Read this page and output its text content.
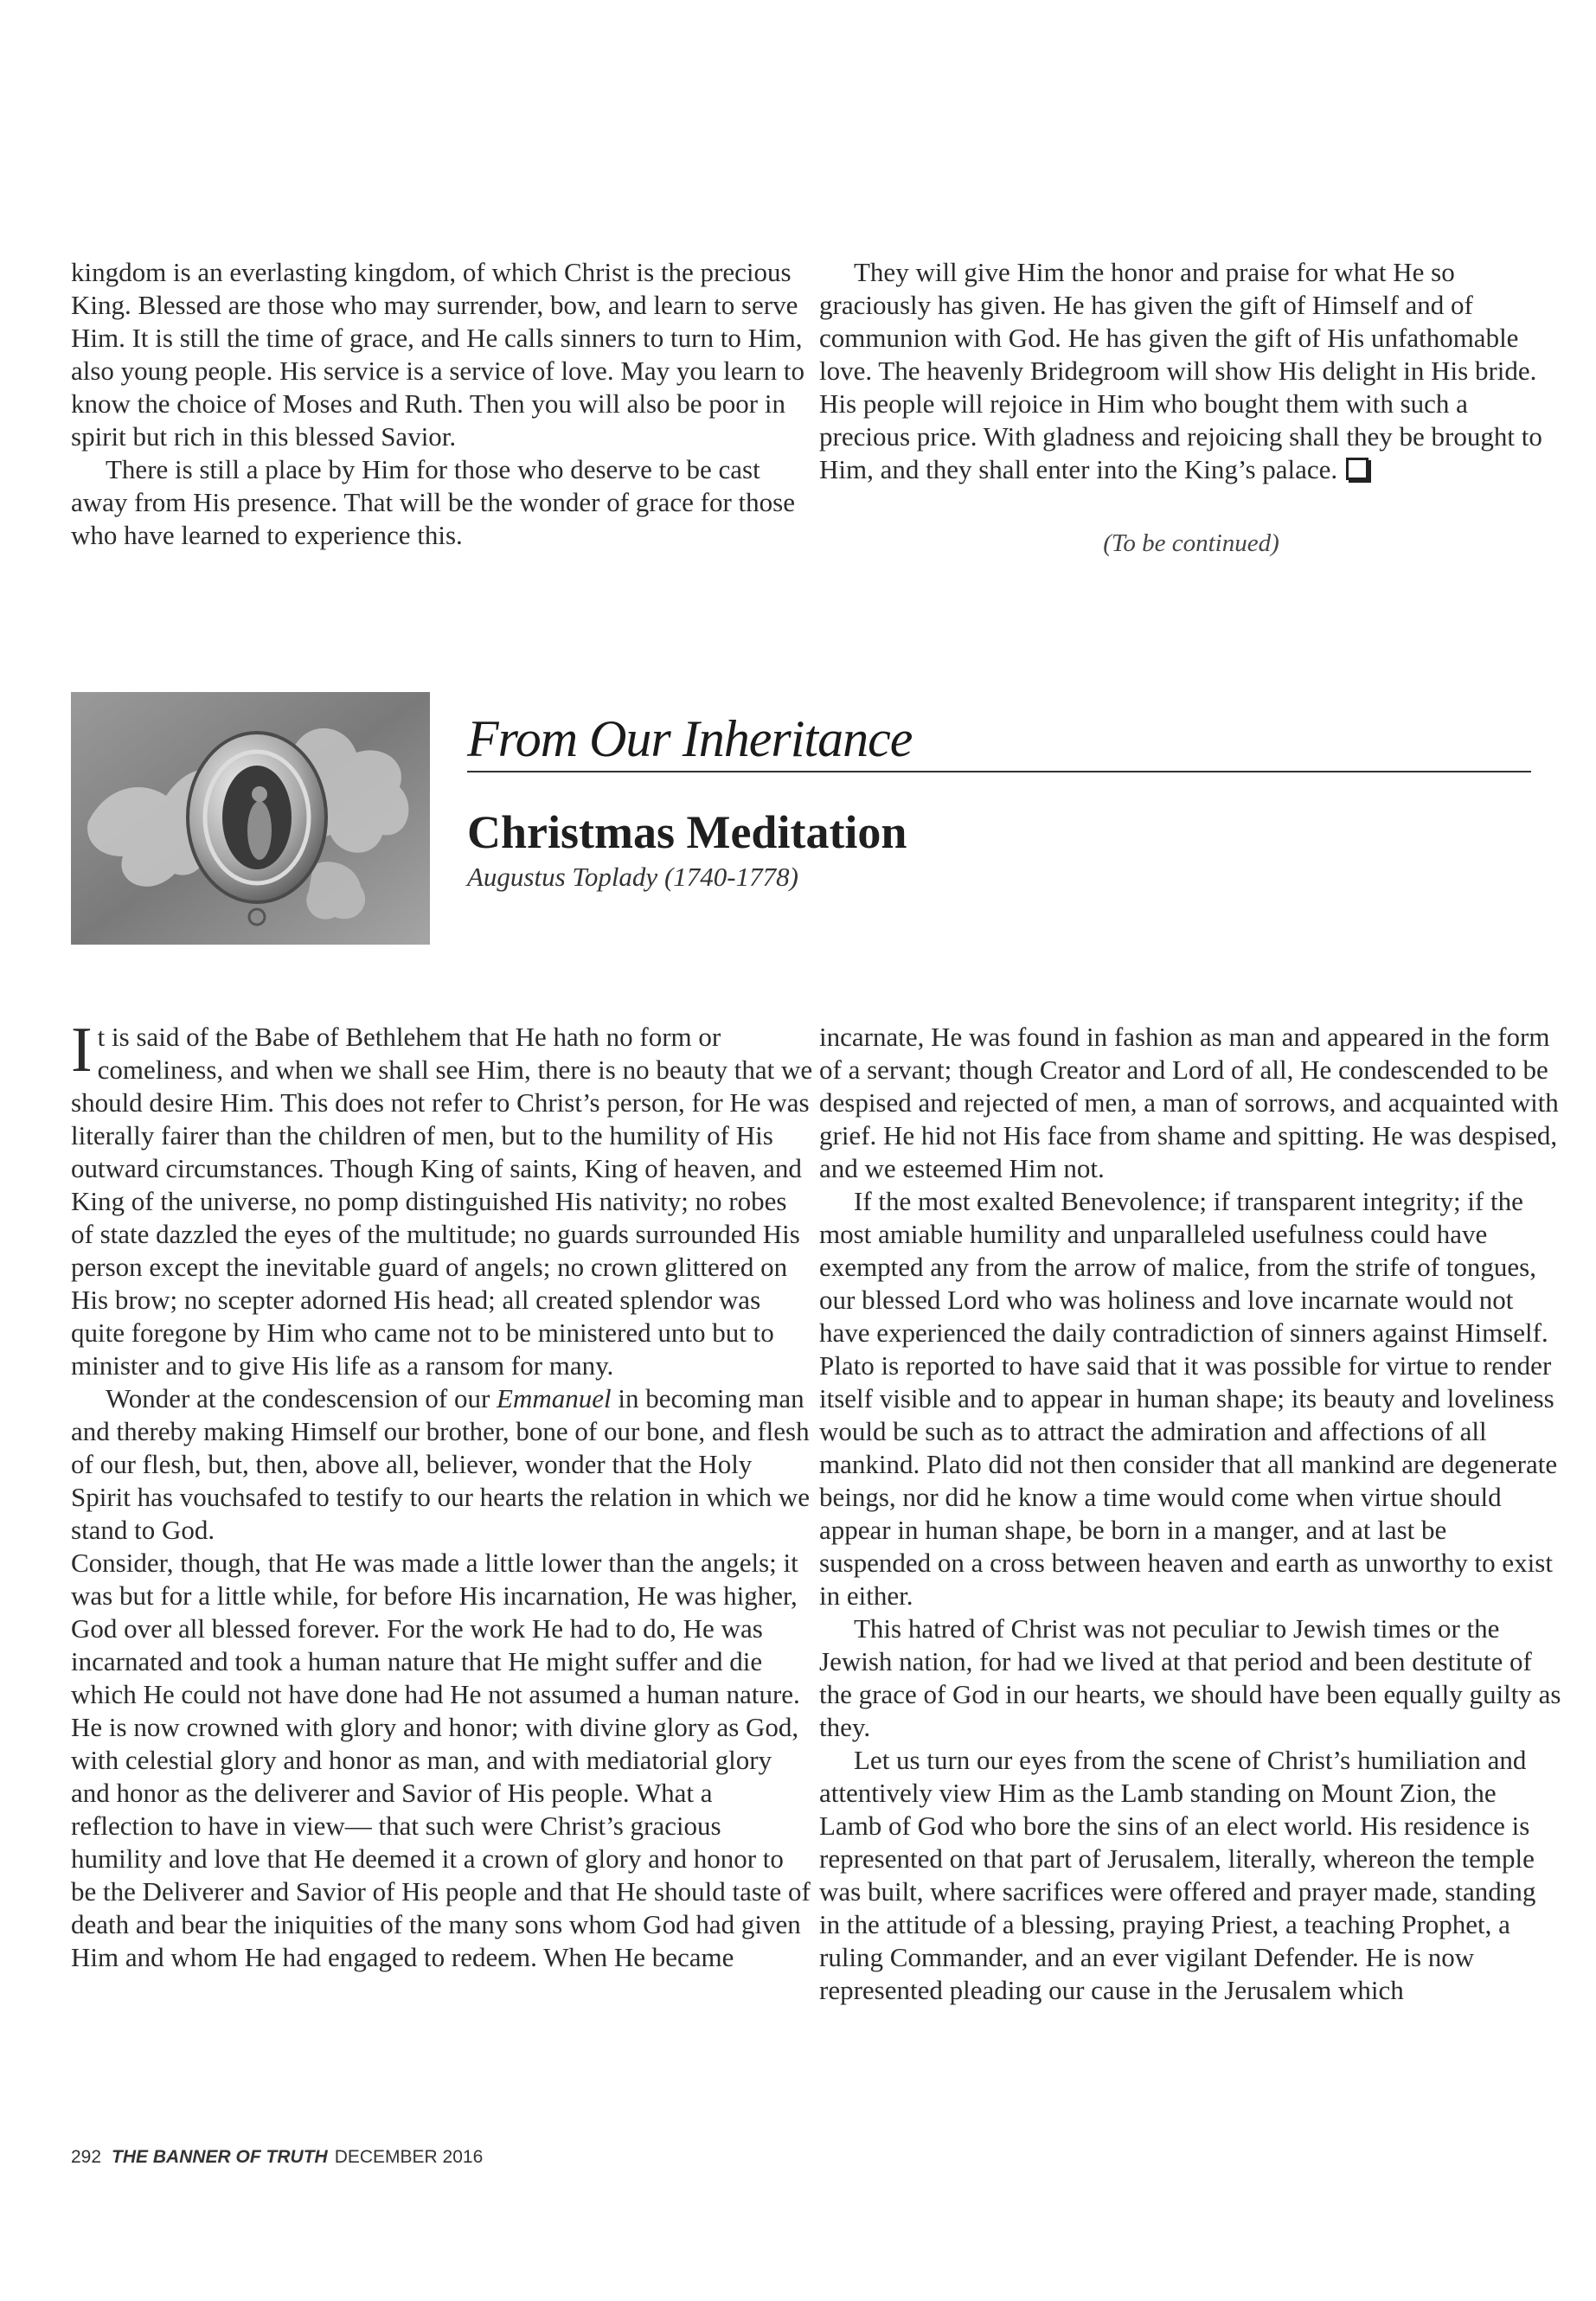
kingdom is an everlasting kingdom, of which Christ is the precious King. Blessed are those who may surrender, bow, and learn to serve Him. It is still the time of grace, and He calls sinners to turn to Him, also young people. His service is a service of love. May you learn to know the choice of Moses and Ruth. Then you will also be poor in spirit but rich in this blessed Savior.

There is still a place by Him for those who deserve to be cast away from His presence. That will be the wonder of grace for those who have learned to experience this.

They will give Him the honor and praise for what He so graciously has given. He has given the gift of Himself and of communion with God. He has given the gift of His unfathomable love. The heavenly Bridegroom will show His delight in His bride. His people will rejoice in Him who bought them with such a precious price. With gladness and rejoicing shall they be brought to Him, and they shall enter into the King’s palace.

(To be continued)
From Our Inheritance
Christmas Meditation
Augustus Toplady (1740-1778)

It is said of the Babe of Bethlehem that He hath no form or comeliness, and when we shall see Him, there is no beauty that we should desire Him. This does not refer to Christ’s person, for He was literally fairer than the children of men, but to the humility of His outward circumstances. Though King of saints, King of heaven, and King of the universe, no pomp distinguished His nativity; no robes of state dazzled the eyes of the multitude; no guards surrounded His person except the inevitable guard of angels; no crown glittered on His brow; no scepter adorned His head; all created splendor was quite foregone by Him who came not to be ministered unto but to minister and to give His life as a ransom for many.

Wonder at the condescension of our Emmanuel in becoming man and thereby making Himself our brother, bone of our bone, and flesh of our flesh, but, then, above all, believer, wonder that the Holy Spirit has vouchsafed to testify to our hearts the relation in which we stand to God.

Consider, though, that He was made a little lower than the angels; it was but for a little while, for before His incarnation, He was higher, God over all blessed forever. For the work He had to do, He was incarnated and took a human nature that He might suffer and die which He could not have done had He not assumed a human nature. He is now crowned with glory and honor; with divine glory as God, with celestial glory and honor as man, and with mediatorial glory and honor as the deliverer and Savior of His people. What a reflection to have in view— that such were Christ’s gracious humility and love that He deemed it a crown of glory and honor to be the Deliverer and Savior of His people and that He should taste of death and bear the iniquities of the many sons whom God had given Him and whom He had engaged to redeem. When He became

incarnate, He was found in fashion as man and appeared in the form of a servant; though Creator and Lord of all, He condescended to be despised and rejected of men, a man of sorrows, and acquainted with grief. He hid not His face from shame and spitting. He was despised, and we esteemed Him not.

If the most exalted Benevolence; if transparent integrity; if the most amiable humility and unparalleled usefulness could have exempted any from the arrow of malice, from the strife of tongues, our blessed Lord who was holiness and love incarnate would not have experienced the daily contradiction of sinners against Himself. Plato is reported to have said that it was possible for virtue to render itself visible and to appear in human shape; its beauty and loveliness would be such as to attract the admiration and affections of all mankind. Plato did not then consider that all mankind are degenerate beings, nor did he know a time would come when virtue should appear in human shape, be born in a manger, and at last be suspended on a cross between heaven and earth as unworthy to exist in either.

This hatred of Christ was not peculiar to Jewish times or the Jewish nation, for had we lived at that period and been destitute of the grace of God in our hearts, we should have been equally guilty as they.

Let us turn our eyes from the scene of Christ’s humiliation and attentively view Him as the Lamb standing on Mount Zion, the Lamb of God who bore the sins of an elect world. His residence is represented on that part of Jerusalem, literally, whereon the temple was built, where sacrifices were offered and prayer made, standing in the attitude of a blessing, praying Priest, a teaching Prophet, a ruling Commander, and an ever vigilant Defender. He is now represented pleading our cause in the Jerusalem which

292 THE BANNER OF TRUTH DECEMBER 2016
